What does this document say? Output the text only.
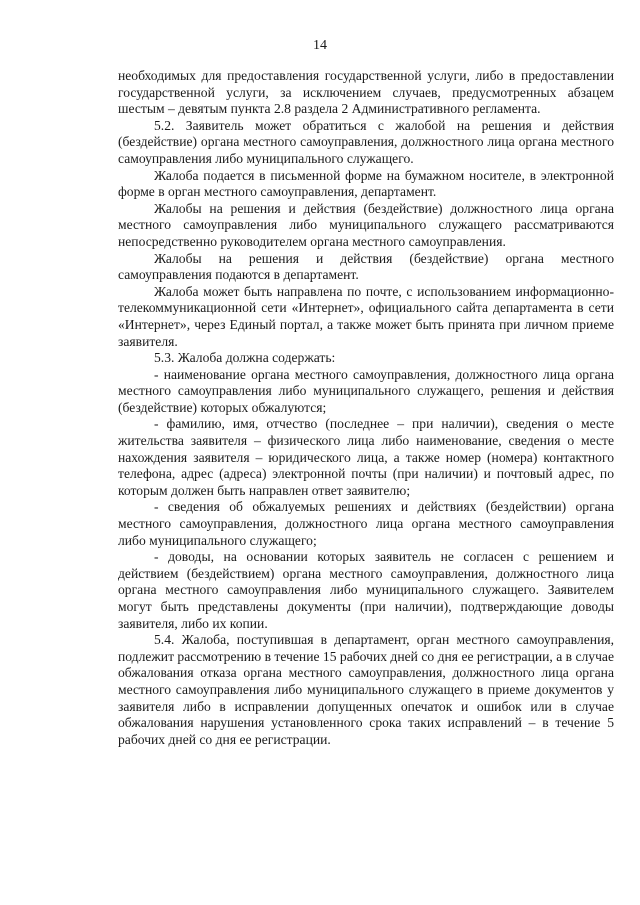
14

необходимых для предоставления государственной услуги, либо в предоставлении государственной услуги, за исключением случаев, предусмотренных абзацем шестым – девятым пункта 2.8 раздела 2 Административного регламента.

5.2. Заявитель может обратиться с жалобой на решения и действия (бездействие) органа местного самоуправления, должностного лица органа местного самоуправления либо муниципального служащего.

Жалоба подается в письменной форме на бумажном носителе, в электронной форме в орган местного самоуправления, департамент.

Жалобы на решения и действия (бездействие) должностного лица органа местного самоуправления либо муниципального служащего рассматриваются непосредственно руководителем органа местного самоуправления.

Жалобы на решения и действия (бездействие) органа местного самоуправления подаются в департамент.

Жалоба может быть направлена по почте, с использованием информационно-телекоммуникационной сети «Интернет», официального сайта департамента в сети «Интернет», через Единый портал, а также может быть принята при личном приеме заявителя.

5.3. Жалоба должна содержать:

- наименование органа местного самоуправления, должностного лица органа местного самоуправления либо муниципального служащего, решения и действия (бездействие) которых обжалуются;

- фамилию, имя, отчество (последнее – при наличии), сведения о месте жительства заявителя – физического лица либо наименование, сведения о месте нахождения заявителя – юридического лица, а также номер (номера) контактного телефона, адрес (адреса) электронной почты (при наличии) и почтовый адрес, по которым должен быть направлен ответ заявителю;

- сведения об обжалуемых решениях и действиях (бездействии) органа местного самоуправления, должностного лица органа местного самоуправления либо муниципального служащего;

- доводы, на основании которых заявитель не согласен с решением и действием (бездействием) органа местного самоуправления, должностного лица органа местного самоуправления либо муниципального служащего. Заявителем могут быть представлены документы (при наличии), подтверждающие доводы заявителя, либо их копии.

5.4. Жалоба, поступившая в департамент, орган местного самоуправления, подлежит рассмотрению в течение 15 рабочих дней со дня ее регистрации, а в случае обжалования отказа органа местного самоуправления, должностного лица органа местного самоуправления либо муниципального служащего в приеме документов у заявителя либо в исправлении допущенных опечаток и ошибок или в случае обжалования нарушения установленного срока таких исправлений – в течение 5 рабочих дней со дня ее регистрации.
